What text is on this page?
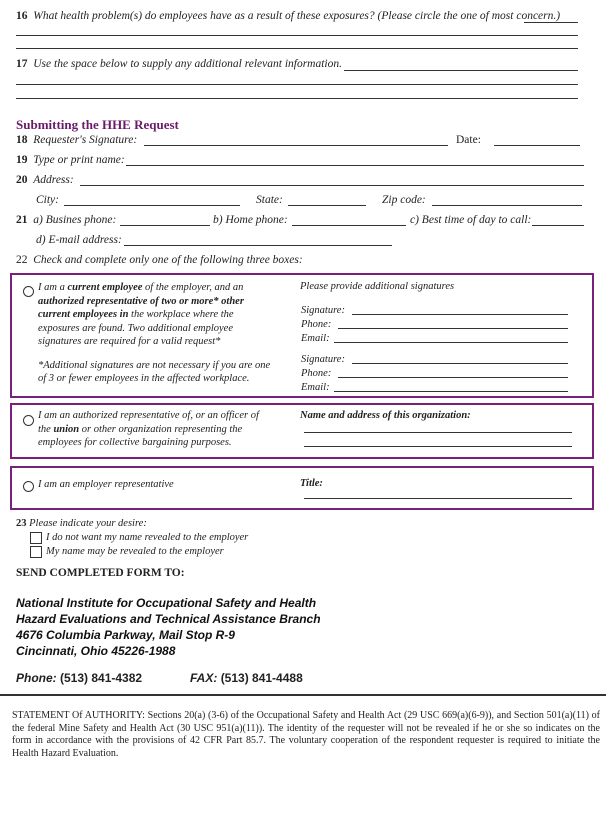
16 What health problem(s) do employees have as a result of these exposures? (Please circle the one of most concern.)
17 Use the space below to supply any additional relevant information.
Submitting the HHE Request
18 Requester's Signature:	Date:
19 Type or print name:
20 Address:
City:	State:	Zip code:
21 a) Busines phone:	b) Home phone:	c) Best time of day to call:
d) E-mail address:
22 Check and complete only one of the following three boxes:
I am a current employee of the employer, and an
authorized representative of two or more* other
current employees in the workplace where the
exposures are found. Two additional employee
signatures are required for a valid request*
*Additional signatures are not necessary if you are one
of 3 or fewer employees in the affected workplace.
Please provide additional signatures
Signature:
Phone:
Email:
Signature:
Phone:
Email:
I am an authorized representative of, or an officer of
the union or other organization representing the
employees for collective bargaining purposes.
Name and address of this organization:
I am an employer representative	Title:
23 Please indicate your desire:
I do not want my name revealed to the employer
My name may be revealed to the employer
SEND COMPLETED FORM TO:
National Institute for Occupational Safety and Health
Hazard Evaluations and Technical Assistance Branch
4676 Columbia Parkway, Mail Stop R-9
Cincinnati, Ohio 45226-1988
Phone: (513) 841-4382	FAX: (513) 841-4488
STATEMENT Of AUTHORITY: Sections 20(a) (3-6) of the Occupational Safety and Health Act (29 USC 669(a)(6-9)), and Section 501(a)(11) of the federal Mine Safety and Health Act (30 USC 951(a)(11)). The identity of the requester will not be revealed if he or she so indicates on the form in accordance with the provisions of 42 CFR Part 85.7. The voluntary cooperation of the respondent requester is required to initiate the Health Hazard Evaluation.
